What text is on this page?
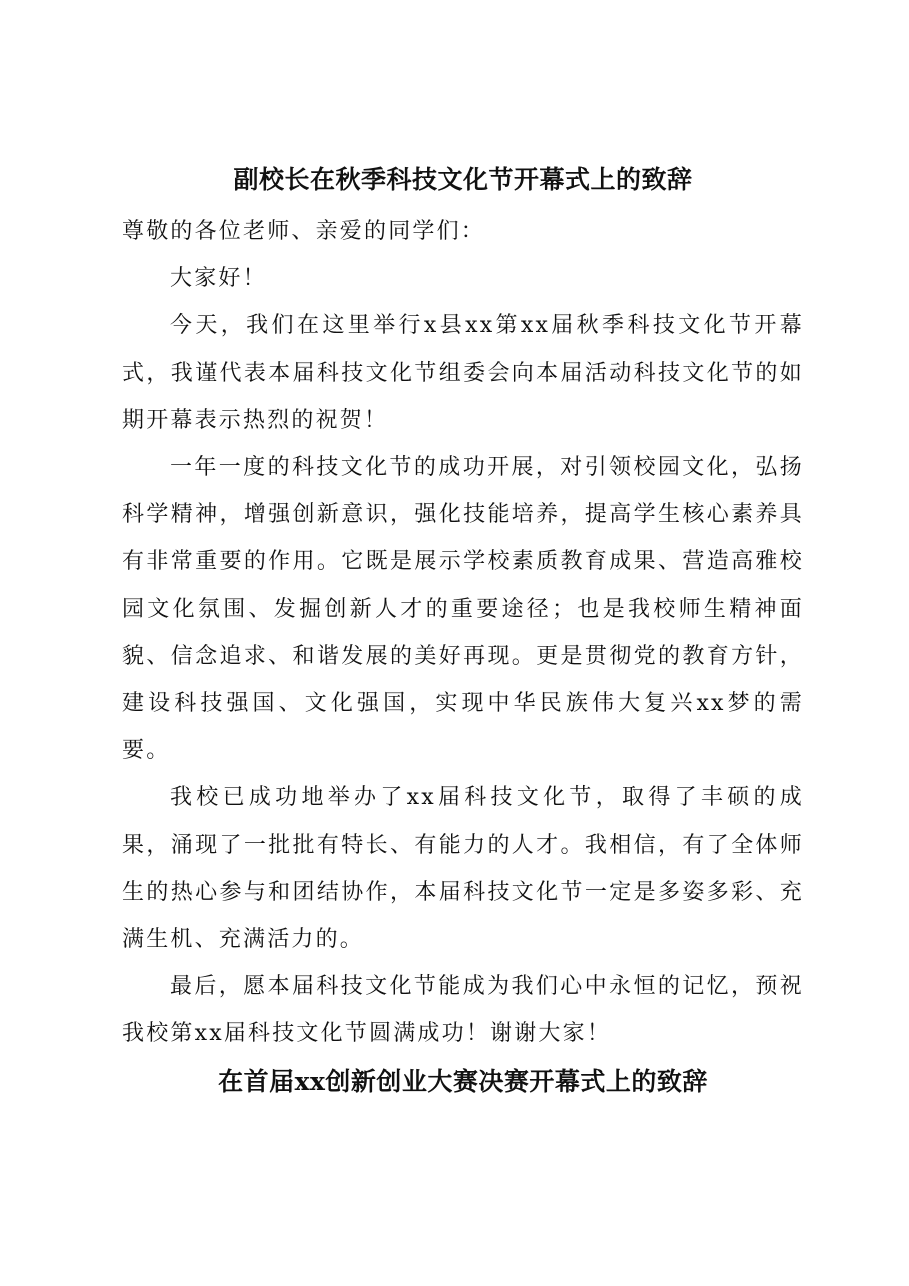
副校长在秋季科技文化节开幕式上的致辞

尊敬的各位老师、亲爱的同学们：

大家好！

今天，我们在这里举行x县xx第xx届秋季科技文化节开幕式，我谨代表本届科技文化节组委会向本届活动科技文化节的如期开幕表示热烈的祝贺！

一年一度的科技文化节的成功开展，对引领校园文化，弘扬科学精神，增强创新意识，强化技能培养，提高学生核心素养具有非常重要的作用。它既是展示学校素质教育成果、营造高雅校园文化氛围、发掘创新人才的重要途径；也是我校师生精神面貌、信念追求、和谐发展的美好再现。更是贯彻党的教育方针，建设科技强国、文化强国，实现中华民族伟大复兴xx梦的需要。

我校已成功地举办了xx届科技文化节，取得了丰硕的成果，涌现了一批批有特长、有能力的人才。我相信，有了全体师生的热心参与和团结协作，本届科技文化节一定是多姿多彩、充满生机、充满活力的。

最后，愿本届科技文化节能成为我们心中永恒的记忆，预祝我校第xx届科技文化节圆满成功！谢谢大家！

在首届xx创新创业大赛决赛开幕式上的致辞
